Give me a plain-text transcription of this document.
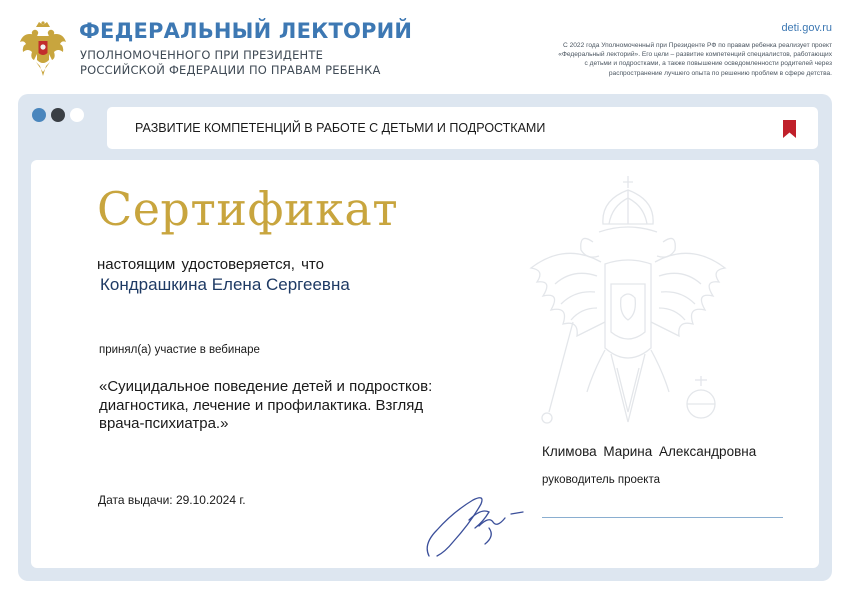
ФЕДЕРАЛЬНЫЙ ЛЕКТОРИЙ
УПОЛНОМОЧЕННОГО ПРИ ПРЕЗИДЕНТЕ
РОССИЙСКОЙ ФЕДЕРАЦИИ ПО ПРАВАМ РЕБЕНКА
deti.gov.ru
С 2022 года Уполномоченный при Президенте РФ по правам ребенка реализует проект
«Федеральный лекторий». Его цели – развитие компетенций специалистов, работающих
с детьми и подростками, а также повышение осведомленности родителей через
распространение лучшего опыта по решению проблем в сфере детства.
РАЗВИТИЕ КОМПЕТЕНЦИЙ В РАБОТЕ С ДЕТЬМИ И ПОДРОСТКАМИ
Сертификат
настоящим удостоверяется, что
Кондрашкина Елена Сергеевна
принял(а) участие в вебинаре
«Суицидальное поведение детей и подростков:
диагностика, лечение и профилактика. Взгляд
врача-психиатра.»
Дата выдачи: 29.10.2024 г.
Климова Марина Александровна
руководитель проекта
